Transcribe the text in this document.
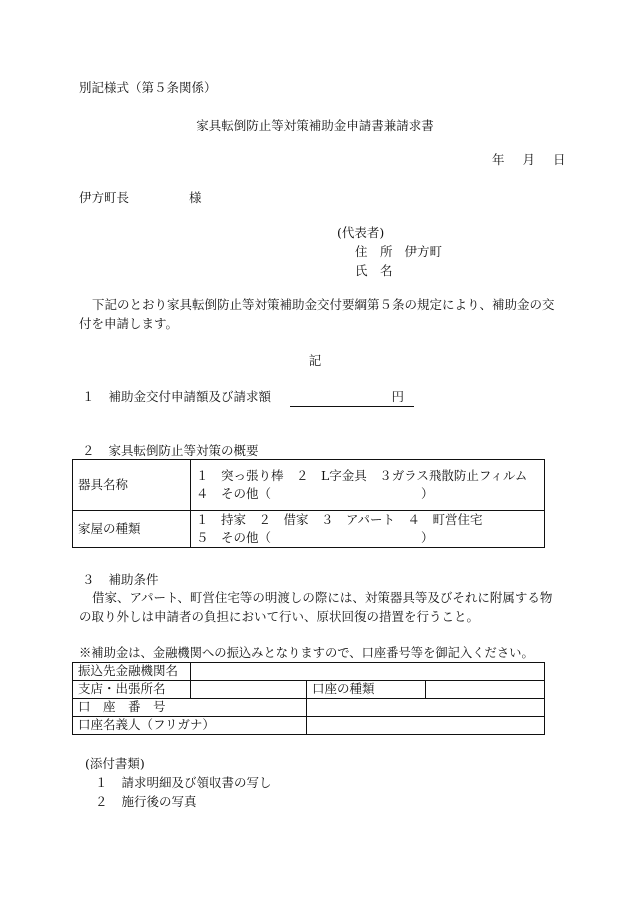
別記様式（第５条関係）
家具転倒防止等対策補助金申請書兼請求書
年 月 日
伊方町長	様
(代表者)
住　所 伊方町
氏　名
下記のとおり家具転倒防止等対策補助金交付要綱第５条の規定により、補助金の交
付を申請します。
記
１ 補助金交付申請額及び請求額	円
２ 家具転倒防止等対策の概要
器具名称	１　突っ張り棒　２　L字金具　３ガラス飛散防止フィルム
４　その他（　　　　　　　　　　　　）

家屋の種類	１　持家　２　借家　３　アパート　４　町営住宅
５　その他（　　　　　　　　　　　　）
３ 補助条件
借家、アパート、町営住宅等の明渡しの際には、対策器具等及びそれに附属する物
の取り外しは申請者の負担において行い、原状回復の措置を行うこと。
※補助金は、金融機関への振込みとなりますので、口座番号等を御記入ください。
振込先金融機関名			
支店・出張所名		口座の種類	
口　座　番　号			
口座名義人（フリガナ）			
(添付書類)
１ 請求明細及び領収書の写し
２ 施行後の写真
